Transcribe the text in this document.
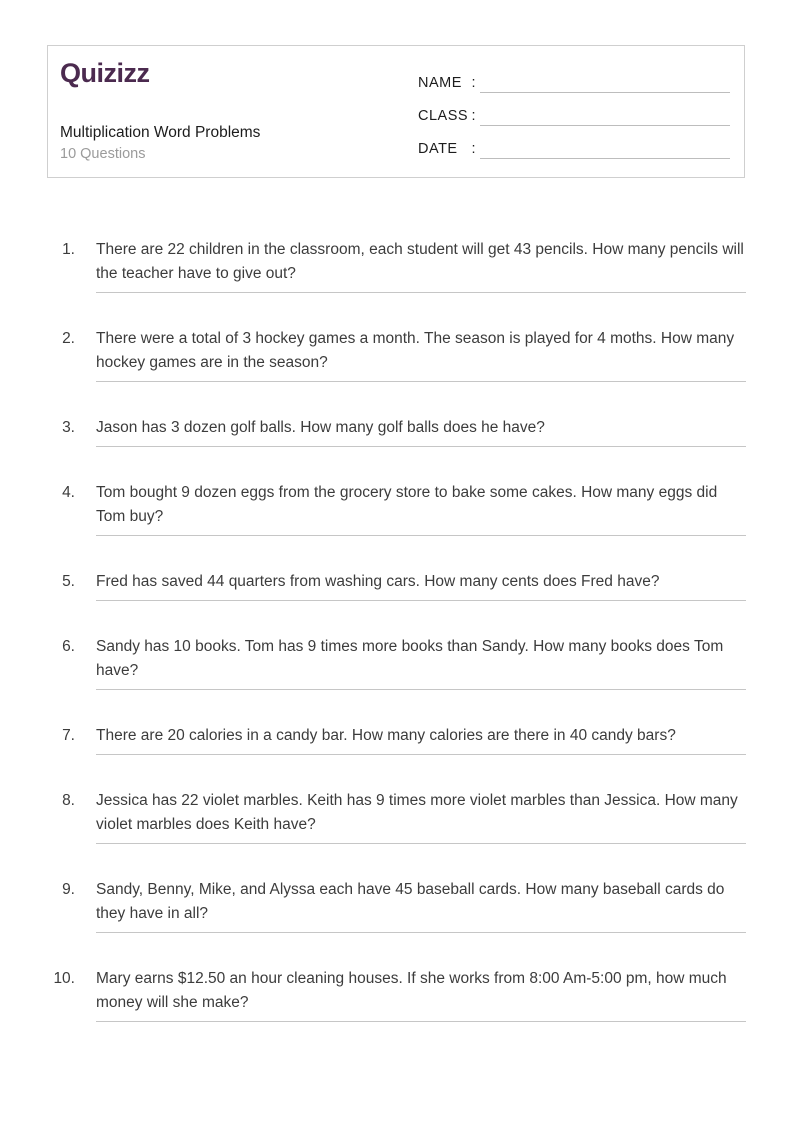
Quizizz
Multiplication Word Problems
10 Questions
NAME :
CLASS :
DATE :
1. There are 22 children in the classroom, each student will get 43 pencils. How many pencils will the teacher have to give out?

2. There were a total of 3 hockey games a month. The season is played for 4 moths. How many hockey games are in the season?

3. Jason has 3 dozen golf balls. How many golf balls does he have?

4. Tom bought 9 dozen eggs from the grocery store to bake some cakes. How many eggs did Tom buy?

5. Fred has saved 44 quarters from washing cars. How many cents does Fred have?

6. Sandy has 10 books. Tom has 9 times more books than Sandy. How many books does Tom have?

7. There are 20 calories in a candy bar. How many calories are there in 40 candy bars?

8. Jessica has 22 violet marbles. Keith has 9 times more violet marbles than Jessica. How many violet marbles does Keith have?

9. Sandy, Benny, Mike, and Alyssa each have 45 baseball cards. How many baseball cards do they have in all?

10. Mary earns $12.50 an hour cleaning houses. If she works from 8:00 Am-5:00 pm, how much money will she make?
